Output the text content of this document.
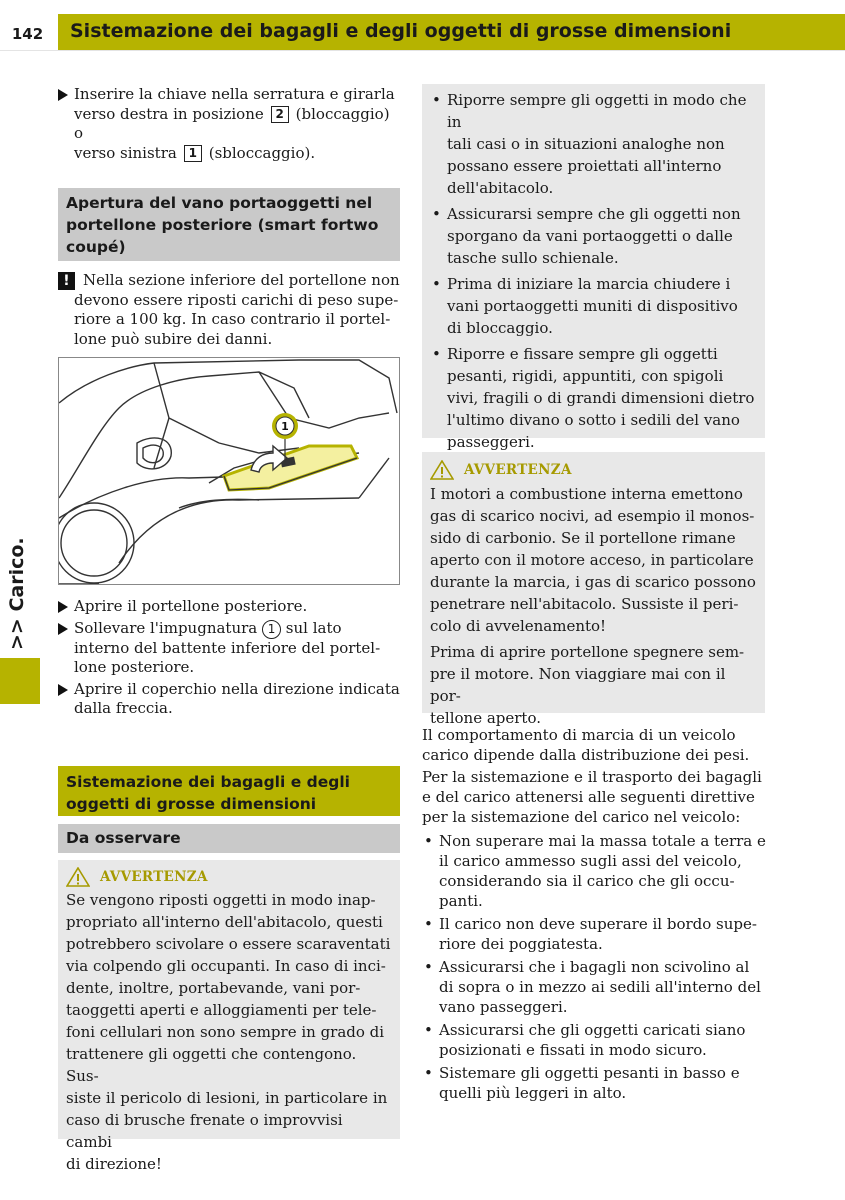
142	Sistemazione dei bagagli e degli oggetti di grosse dimensioni
>> Carico.
Inserire la chiave nella serratura e girarla
verso destra in posizione 2 (bloccaggio) o
verso sinistra 1 (sbloccaggio).
Apertura del vano portaoggetti nel
portellone posteriore (smart fortwo
coupé)
! Nella sezione inferiore del portellone non
devono essere riposti carichi di peso supe-
riore a 100 kg. In caso contrario il portel-
lone può subire dei danni.
1
Aprire il portellone posteriore.
Sollevare l'impugnatura 1 sul lato
interno del battente inferiore del portel-
lone posteriore.
Aprire il coperchio nella direzione indicata
dalla freccia.
Sistemazione dei bagagli e degli
oggetti di grosse dimensioni
Da osservare
AVVERTENZA
Se vengono riposti oggetti in modo inap-
propriato all'interno dell'abitacolo, questi
potrebbero scivolare o essere scaraventati
via colpendo gli occupanti. In caso di inci-
dente, inoltre, portabevande, vani por-
taoggetti aperti e alloggiamenti per tele-
foni cellulari non sono sempre in grado di
trattenere gli oggetti che contengono. Sus-
siste il pericolo di lesioni, in particolare in
caso di brusche frenate o improvvisi cambi
di direzione!
• Riporre sempre gli oggetti in modo che in
tali casi o in situazioni analoghe non
possano essere proiettati all'interno
dell'abitacolo.
• Assicurarsi sempre che gli oggetti non
sporgano da vani portaoggetti o dalle
tasche sullo schienale.
• Prima di iniziare la marcia chiudere i
vani portaoggetti muniti di dispositivo
di bloccaggio.
• Riporre e fissare sempre gli oggetti
pesanti, rigidi, appuntiti, con spigoli
vivi, fragili o di grandi dimensioni dietro
l'ultimo divano o sotto i sedili del vano
passeggeri.
AVVERTENZA
I motori a combustione interna emettono
gas di scarico nocivi, ad esempio il monos-
sido di carbonio. Se il portellone rimane
aperto con il motore acceso, in particolare
durante la marcia, i gas di scarico possono
penetrare nell'abitacolo. Sussiste il peri-
colo di avvelenamento!
Prima di aprire portellone spegnere sem-
pre il motore. Non viaggiare mai con il por-
tellone aperto.
Il comportamento di marcia di un veicolo
carico dipende dalla distribuzione dei pesi.
Per la sistemazione e il trasporto dei bagagli
e del carico attenersi alle seguenti direttive
per la sistemazione del carico nel veicolo:
• Non superare mai la massa totale a terra e
il carico ammesso sugli assi del veicolo,
considerando sia il carico che gli occu-
panti.
• Il carico non deve superare il bordo supe-
riore dei poggiatesta.
• Assicurarsi che i bagagli non scivolino al
di sopra o in mezzo ai sedili all'interno del
vano passeggeri.
• Assicurarsi che gli oggetti caricati siano
posizionati e fissati in modo sicuro.
• Sistemare gli oggetti pesanti in basso e
quelli più leggeri in alto.
